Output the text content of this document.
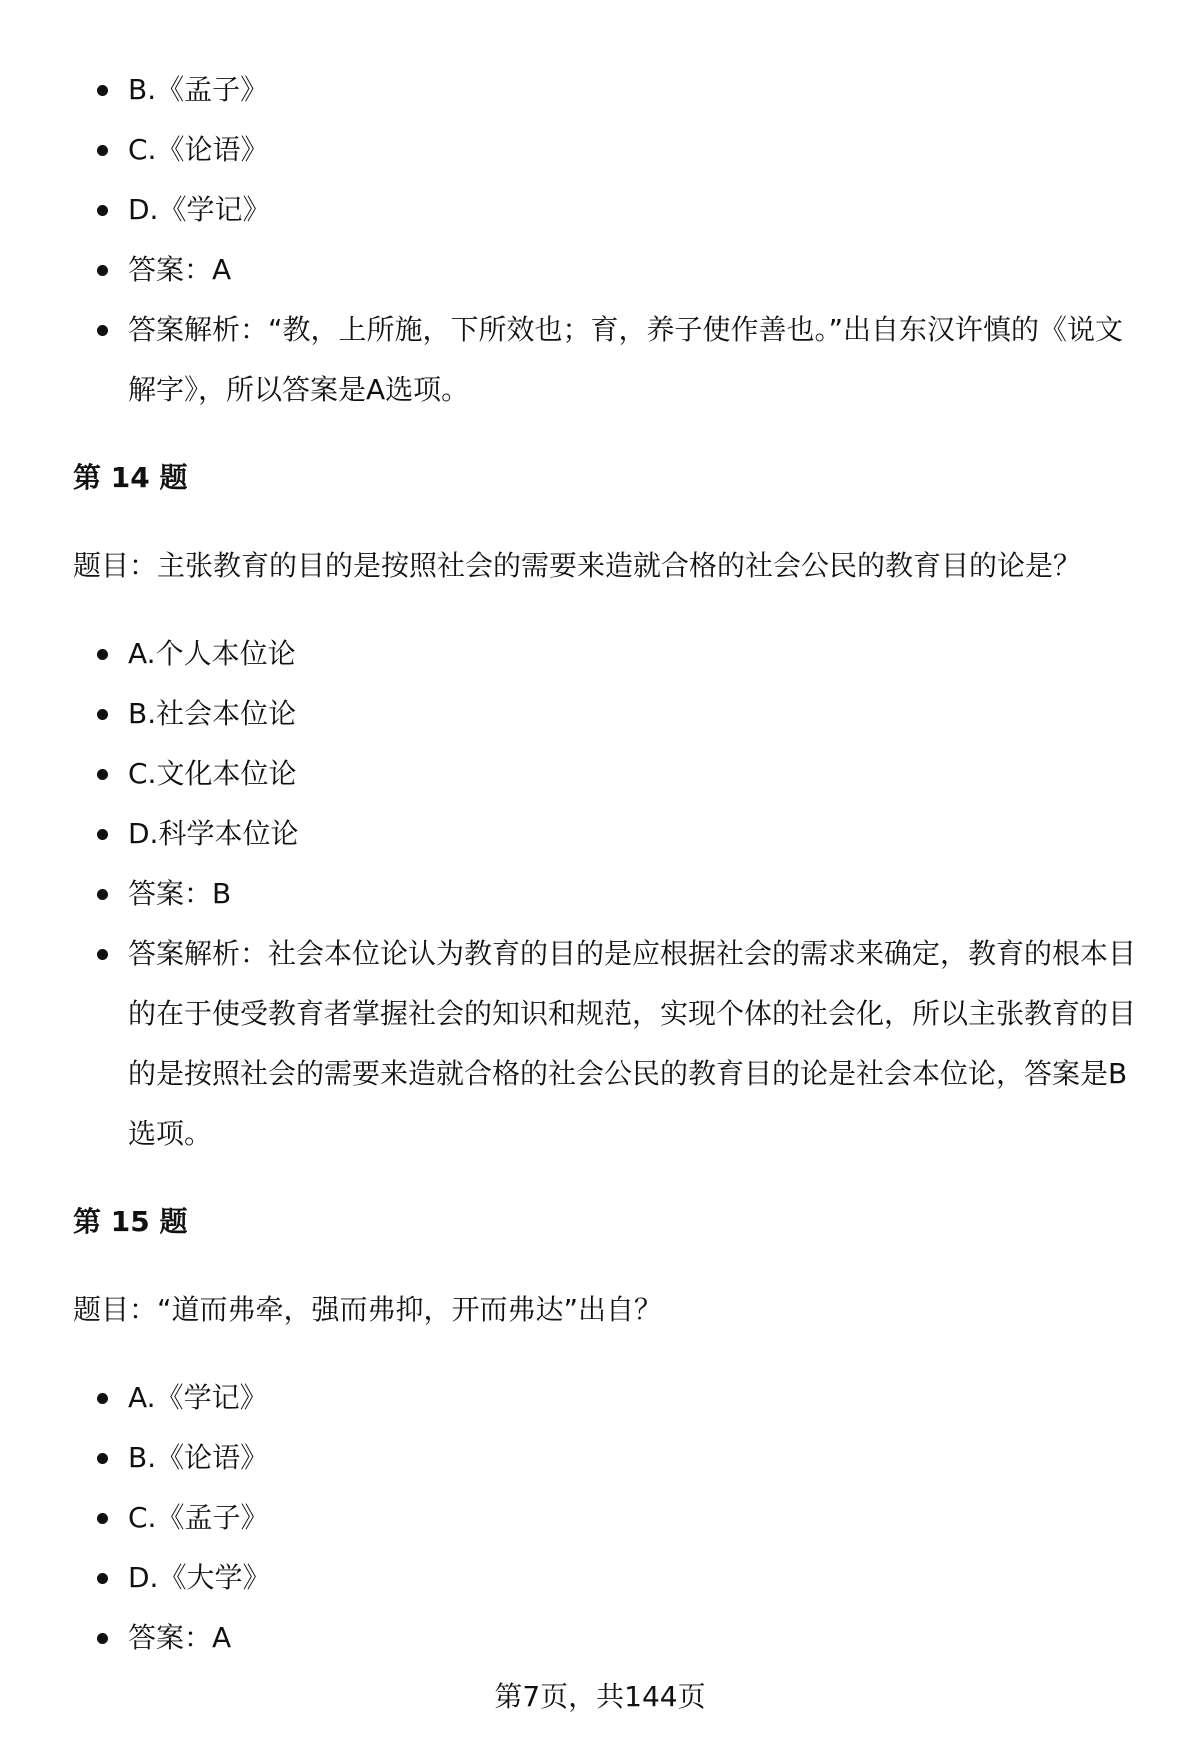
B.《孟子》
C.《论语》
D.《学记》
答案：A
答案解析：“教，上所施，下所效也；育，养子使作善也。”出自东汉许慎的《说文解字》，所以答案是A选项。
第 14 题
题目：主张教育的目的是按照社会的需要来造就合格的社会公民的教育目的论是？
A.个人本位论
B.社会本位论
C.文化本位论
D.科学本位论
答案：B
答案解析：社会本位论认为教育的目的是应根据社会的需求来确定，教育的根本目的在于使受教育者掌握社会的知识和规范，实现个体的社会化，所以主张教育的目的是按照社会的需要来造就合格的社会公民的教育目的论是社会本位论，答案是B选项。
第 15 题
题目：“道而弗牵，强而弗抑，开而弗达”出自？
A.《学记》
B.《论语》
C.《孟子》
D.《大学》
答案：A
第7页，共144页
